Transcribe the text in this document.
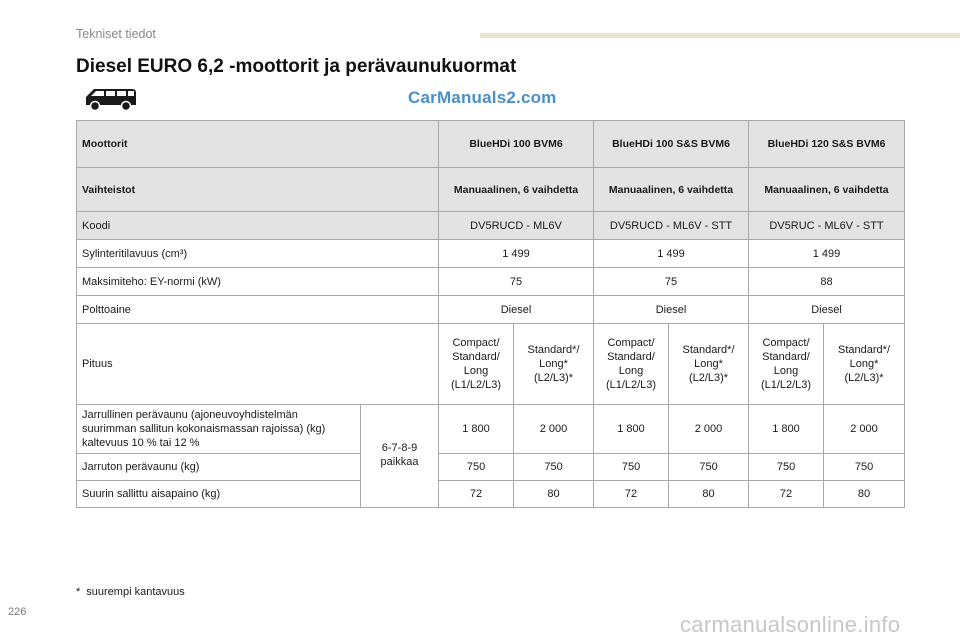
Tekniset tiedot
Diesel EURO 6,2 -moottorit ja perävaunukuormat
CarManuals2.com
Moottorit		BlueHDi 100 BVM6		BlueHDi 100 S&S BVM6		BlueHDi 120 S&S BVM6	
Vaihteistot		Manuaalinen, 6 vaihdetta		Manuaalinen, 6 vaihdetta		Manuaalinen, 6 vaihdetta	
Koodi		DV5RUCD - ML6V		DV5RUCD - ML6V - STT		DV5RUC - ML6V - STT	
Sylinteritilavuus (cm³)		1 499		1 499		1 499	
Maksimiteho: EY-normi (kW)		75		75		88	
Polttoaine		Diesel		Diesel		Diesel	
Pituus		Compact/
Standard/
Long
(L1/L2/L3)	Standard*/
Long*
(L2/L3)*	Compact/
Standard/
Long
(L1/L2/L3)	Standard*/
Long*
(L2/L3)*	Compact/
Standard/
Long
(L1/L2/L3)	Standard*/
Long*
(L2/L3)*

Jarrullinen perävaunu (ajoneuvoyhdistelmän
suurimman sallitun kokonaismassan rajoissa) (kg)
kaltevuus 10 % tai 12 %	6-7-8-9
paikkaa	1 800	2 000	1 800	2 000	1 800	2 000
Jarruton perävaunu (kg)		750	750	750	750	750	750
Suurin sallittu aisapaino (kg)		72	80	72	80	72	80
* suurempi kantavuus
226	carmanualsonline.info
